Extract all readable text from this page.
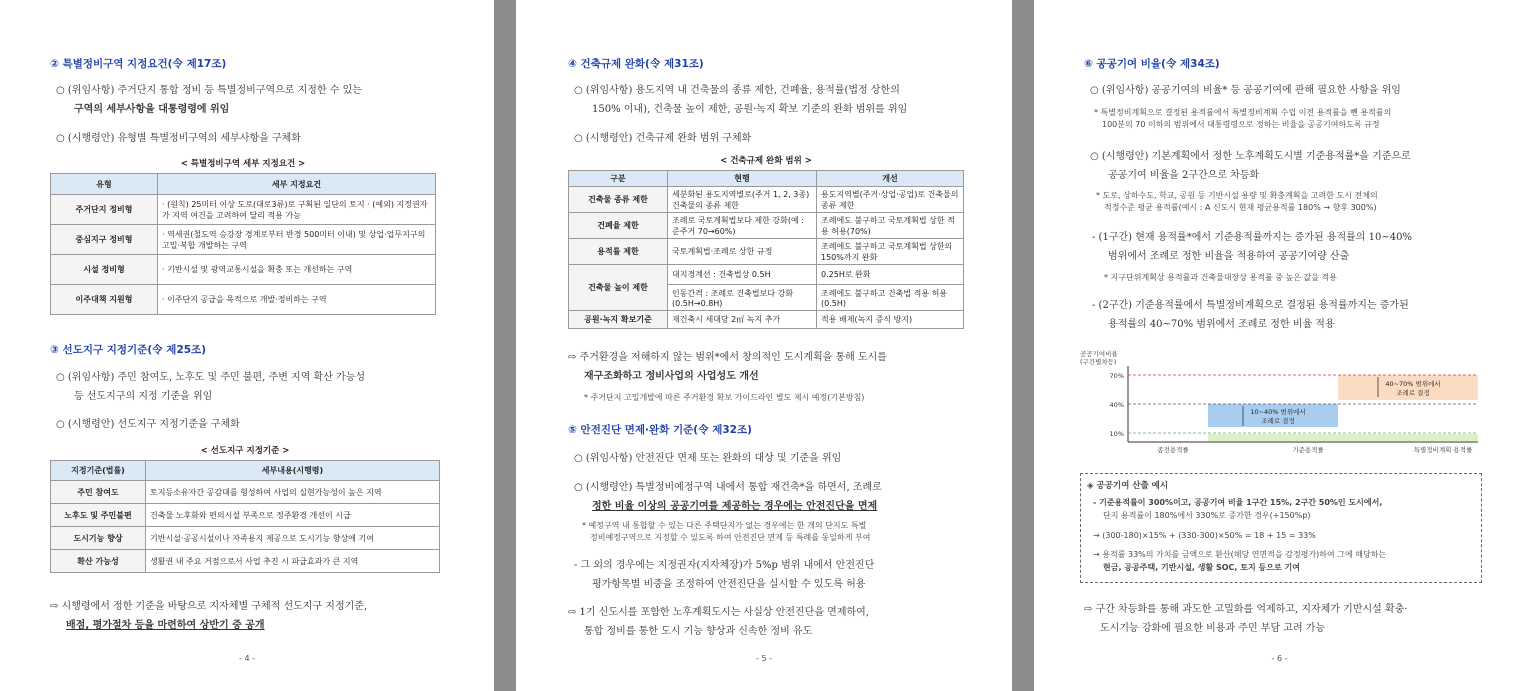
② 특별정비구역 지정요건(令 제17조)
○ (위임사항) 주거단지 통합 정비 등 특별정비구역으로 지정한 수 있는
구역의 세부사항을 대통령령에 위임
○ (시행령안) 유형별 특별정비구역의 세부사항을 구체화
< 특별정비구역 세부 지정요건 >
유형	세부 지정요건
주거단지 정비형	· (원칙) 25미터 이상 도로(대로3류)로 구획된 일단의 토지 · (예외) 지정권자가 지역 여건을 고려하여 달리 적용 가능
중심지구 정비형	· 역세권(철도역 승강장 경계로부터 반경 500미터 이내) 및 상업·업무지구의 고밀·복합 개발하는 구역
시설 정비형	· 기반시설 및 광역교통시설을 확충 또는 개선하는 구역
이주대책 지원형	· 이주단지 공급을 목적으로 개발·정비하는 구역
③ 선도지구 지정기준(令 제25조)
○ (위임사항) 주민 참여도, 노후도 및 주민 불편, 주변 지역 확산 가능성
등 선도지구의 지정 기준을 위임
○ (시행령안) 선도지구 지정기준을 구체화
< 선도지구 지정기준 >
지정기준(법률)	세부내용(시행령)
주민 참여도	토지등소유자간 공감대를 형성하여 사업의 실현가능성이 높은 지역
노후도 및 주민불편	건축물 노후화와 편의시설 부족으로 정주환경 개선이 시급
도시기능 향상	기반시설·공공시설이나 자족용지 제공으로 도시기능 향상에 기여
확산 가능성	생활권 내 주요 거점으로서 사업 추진 시 파급효과가 큰 지역
⇨ 시행령에서 정한 기준을 바탕으로 지자체별 구체적 선도지구 지정기준,
배점, 평가절차 등을 마련하여 상반기 중 공개
- 4 -
④ 건축규제 완화(令 제31조)
○ (위임사항) 용도지역 내 건축물의 종류 제한, 건폐율, 용적률(법정 상한의
150% 이내), 건축물 높이 제한, 공원·녹지 확보 기준의 완화 범위를 위임
○ (시행령안) 건축규제 완화 범위 구체화
< 건축규제 완화 범위 >
구분	현행	개선
건축물 종류 제한	세분화된 용도지역별로(주거 1, 2, 3종) 건축물의 종류 제한	용도지역별(주거·상업·공업)로 건축물의 종류 제한
건폐율 제한	조례로 국토계획법보다 제한 강화(예 : 준주거 70→60%)	조례에도 불구하고 국토계획법 상한 적용 허용(70%)
용적률 제한	국토계획법·조례로 상한 규정	조례에도 불구하고 국토계획법 상한의 150%까지 완화
건축물 높이 제한	대지경계선 : 건축법상 0.5H	0.25H로 완화
	인동간격 : 조례로 건축법보다 강화(0.5H→0.8H)	조례에도 불구하고 건축법 적용 허용(0.5H)
공원·녹지 확보기준	재건축시 세대당 2㎡ 녹지 추가	적용 배제(녹지 증식 방지)
⇨ 주거환경을 저해하지 않는 범위*에서 창의적인 도시계획을 통해 도시를
재구조화하고 정비사업의 사업성도 개선
* 주거단지 고밀개발에 따른 주거환경 확보 가이드라인 별도 제시 예정(기본방침)
⑤ 안전진단 면제·완화 기준(令 제32조)
○ (위임사항) 안전진단 면제 또는 완화의 대상 및 기준을 위임
○ (시행령안) 특별정비예정구역 내에서 통합 재건축*을 하면서, 조례로
정한 비율 이상의 공공기여를 제공하는 경우에는 안전진단을 면제
* 예정구역 내 통합할 수 있는 다른 주택단지가 없는 경우에는 한 개의 단지도 특별
정비예정구역으로 지정할 수 있도록 하여 안전진단 면제 등 특례를 동일하게 부여
- 그 외의 경우에는 지정권자(지자체장)가 5%p 범위 내에서 안전진단
평가항목별 비중을 조정하여 안전진단을 실시할 수 있도록 허용
⇨ 1기 신도시를 포함한 노후계획도시는 사실상 안전진단을 면제하여,
통합 정비를 통한 도시 기능 향상과 신속한 정비 유도
- 5 -
⑥ 공공기여 비율(令 제34조)
○ (위임사항) 공공기여의 비율* 등 공공기여에 관해 필요한 사항을 위임
* 특별정비계획으로 결정된 용적률에서 특별정비계획 수립 이전 용적률을 뺀 용적률의
100분의 70 이하의 범위에서 대통령령으로 정하는 비율을 공공기여하도록 규정
○ (시행령안) 기본계획에서 정한 노후계획도시별 기준용적률*을 기준으로
공공기여 비율을 2구간으로 차등화
* 도로, 상하수도, 학교, 공원 등 기반시설 용량 및 확충계획을 고려한 도시 전체의
적정수준 평균 용적률(예시 : A 신도시 현재 평균용적률 180% → 향후 300%)
- (1구간) 현재 용적률*에서 기준용적률까지는 증가된 용적률의 10~40%
범위에서 조례로 정한 비율을 적용하여 공공기여량 산출
* 지구단위계획상 용적률과 건축물대장상 용적률 중 높은 값을 적용
- (2구간) 기준용적률에서 특별정비계획으로 결정된 용적률까지는 증가된
용적률의 40~70% 범위에서 조례로 정한 비율 적용
공공기여비율
(구간별차등)
70%
40%
10%
10~40% 범위에서
조례로 결정
40~70% 범위에서
조례로 결정
종전용적률	기준용적률	특별정비계획 용적률
◈ 공공기여 산출 예시
- 기준용적률이 300%이고, 공공기여 비율 1구간 15%, 2구간 50%인 도시에서,
단지 용적률이 180%에서 330%로 증가한 경우(+150%p)
→ (300-180)×15% + (330-300)×50% = 18 + 15 = 33%
→ 용적률 33%의 가치를 금액으로 환산(해당 연면적을 감정평가)하여 그에 해당하는
현금, 공공주택, 기반시설, 생활 SOC, 토지 등으로 기여
⇨ 구간 차등화를 통해 과도한 고밀화를 억제하고, 지자체가 기반시설 확충·
도시기능 강화에 필요한 비용과 주민 부담 고려 가능
- 6 -
